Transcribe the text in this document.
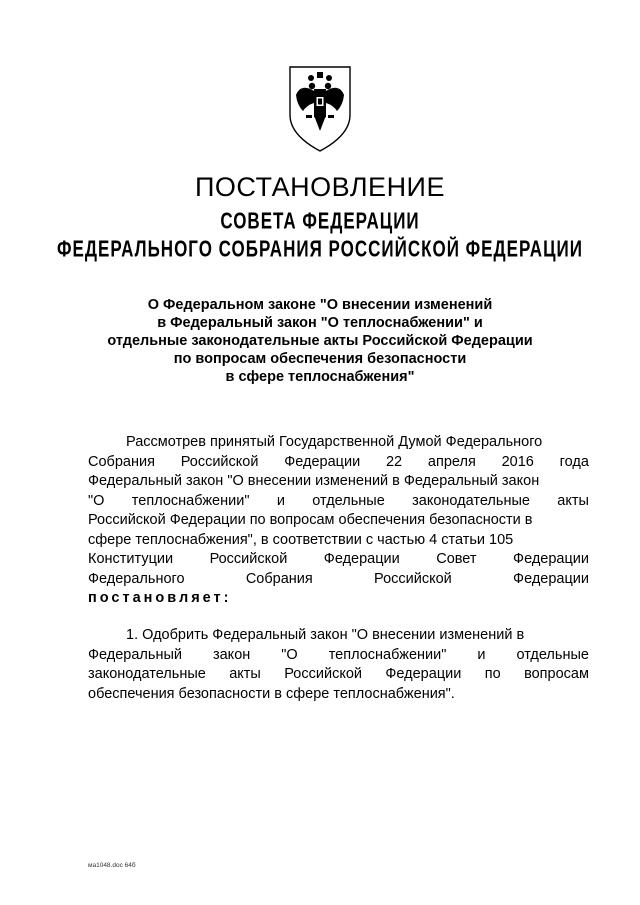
ПОСТАНОВЛЕНИЕ
СОВЕТА ФЕДЕРАЦИИ
ФЕДЕРАЛЬНОГО СОБРАНИЯ РОССИЙСКОЙ ФЕДЕРАЦИИ
О Федеральном законе "О внесении изменений
в Федеральный закон "О теплоснабжении" и
отдельные законодательные акты Российской Федерации
по вопросам обеспечения безопасности
в сфере теплоснабжения"
Рассмотрев принятый Государственной Думой Федерального
Собрания Российской Федерации 22 апреля 2016 года
Федеральный закон "О внесении изменений в Федеральный закон
"О теплоснабжении" и отдельные законодательные акты
Российской Федерации по вопросам обеспечения безопасности в
сфере теплоснабжения", в соответствии с частью 4 статьи 105
Конституции	Российской	Федерации	Совет	Федерации
Федерального	Собрания	Российской	Федерации
постановляет:
1. Одобрить Федеральный закон "О внесении изменений в
Федеральный закон "О теплоснабжении" и отдельные
законодательные акты Российской Федерации по вопросам
обеспечения безопасности в сфере теплоснабжения".
ма1048.doc 64б
